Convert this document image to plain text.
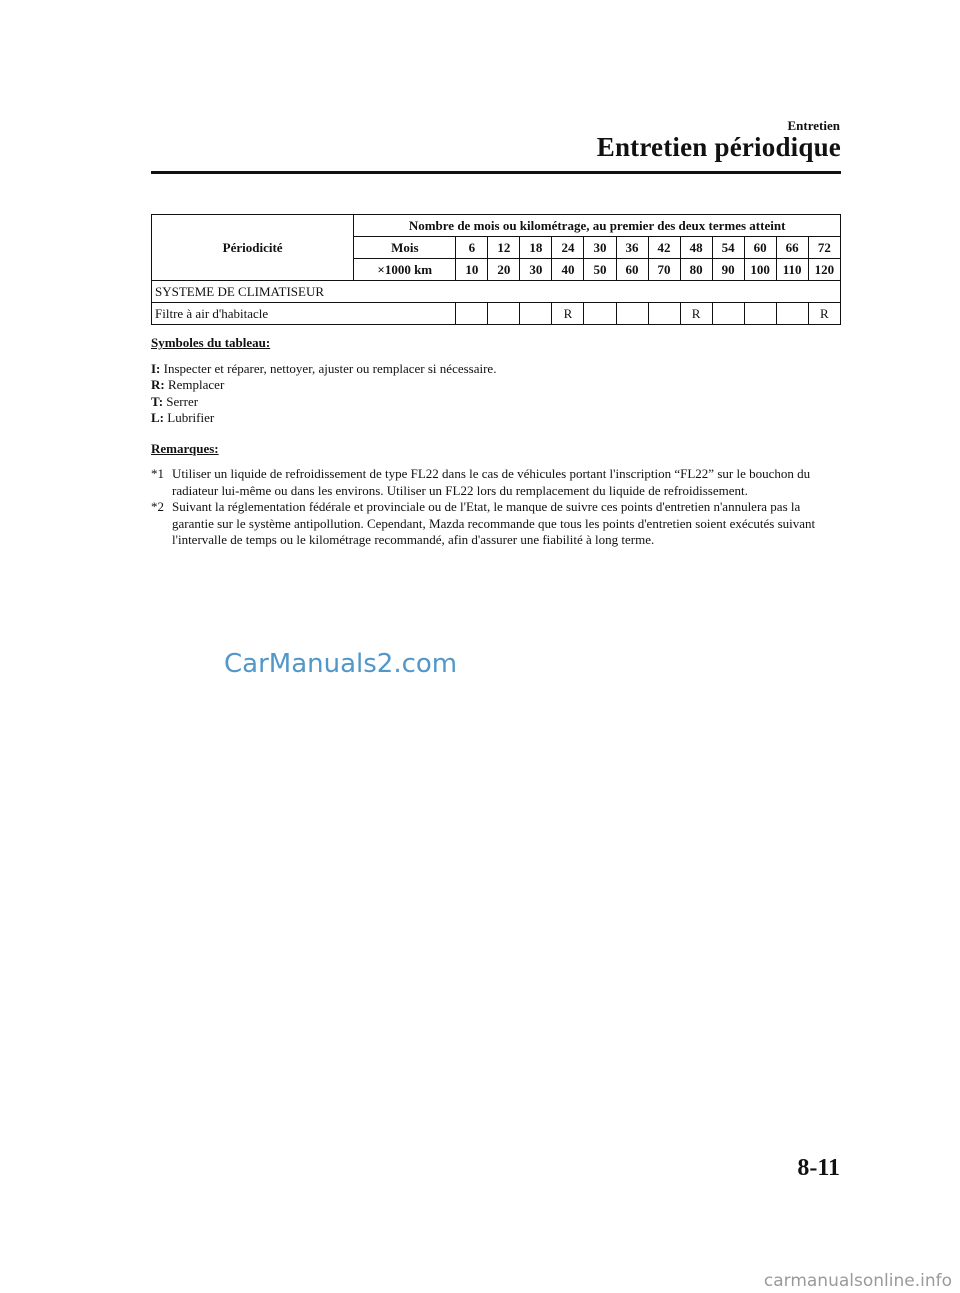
Entretien
Entretien périodique
Périodicité	Nombre de mois ou kilométrage, au premier des deux termes atteint												
	Mois	6	12	18	24	30	36	42	48	54	60	66	72
	×1000 km	10	20	30	40	50	60	70	80	90	100	110	120
SYSTEME DE CLIMATISEUR													
Filtre à air d'habitacle					R				R				R

Symboles du tableau:

I: Inspecter et réparer, nettoyer, ajuster ou remplacer si nécessaire.

R: Remplacer

T: Serrer

L: Lubrifier

Remarques:

*1 Utiliser un liquide de refroidissement de type FL22 dans le cas de véhicules portant l'inscription “FL22” sur le bouchon du radiateur lui-même ou dans les environs. Utiliser un FL22 lors du remplacement du liquide de refroidissement.
*2 Suivant la réglementation fédérale et provinciale ou de l'Etat, le manque de suivre ces points d'entretien n'annulera pas la garantie sur le système antipollution. Cependant, Mazda recommande que tous les points d'entretien soient exécutés suivant l'intervalle de temps ou le kilométrage recommandé, afin d'assurer une fiabilité à long terme.
CarManuals2.com
8-11
carmanualsonline.info
